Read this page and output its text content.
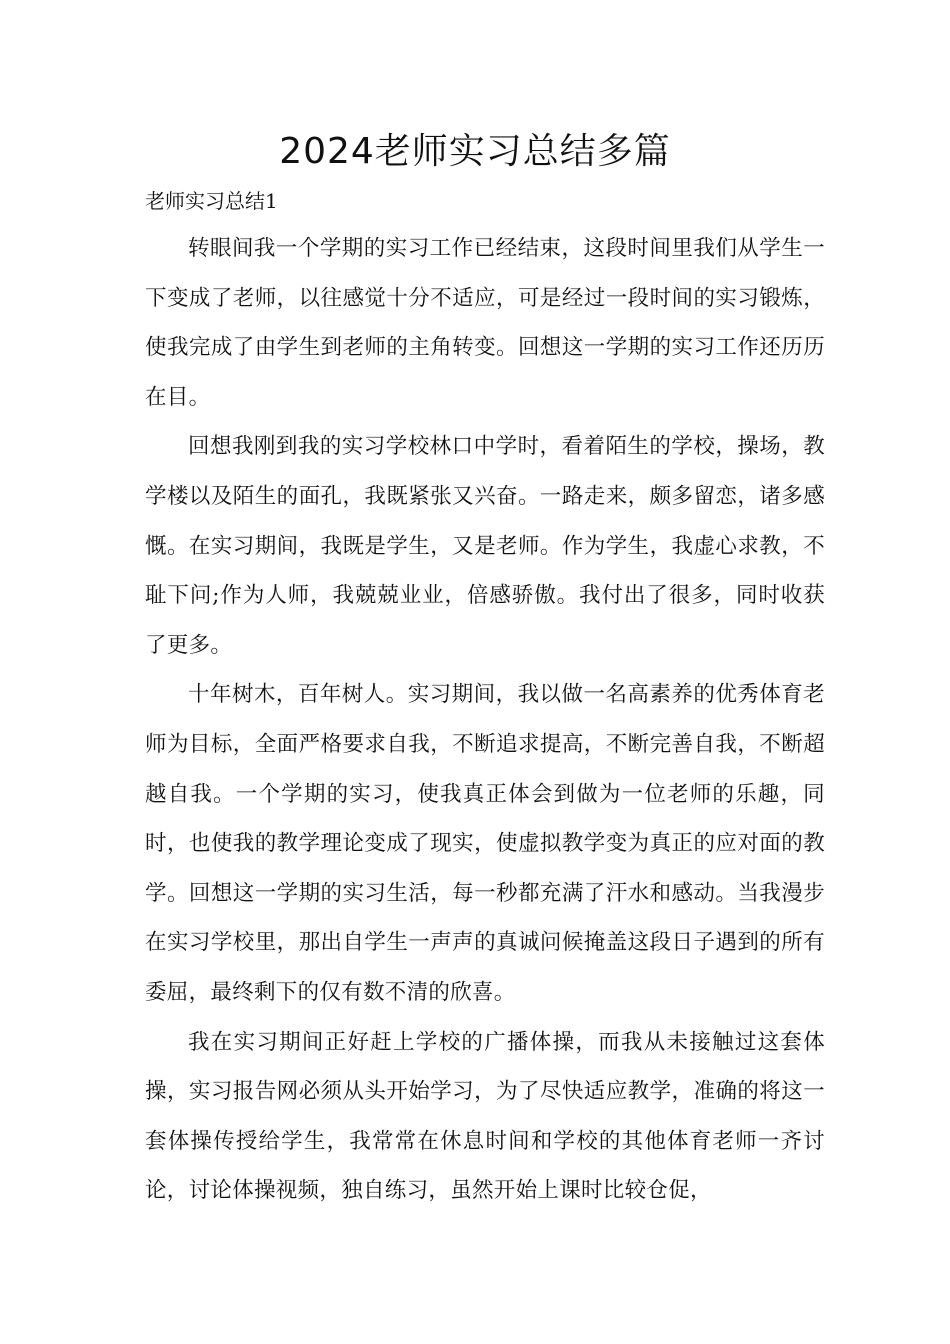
2024老师实习总结多篇
老师实习总结1

转眼间我一个学期的实习工作已经结束，这段时间里我们从学生一下变成了老师，以往感觉十分不适应，可是经过一段时间的实习锻炼，使我完成了由学生到老师的主角转变。回想这一学期的实习工作还历历在目。

回想我刚到我的实习学校林口中学时，看着陌生的学校，操场，教学楼以及陌生的面孔，我既紧张又兴奋。一路走来，颇多留恋，诸多感慨。在实习期间，我既是学生，又是老师。作为学生，我虚心求教，不耻下问;作为人师，我兢兢业业，倍感骄傲。我付出了很多，同时收获了更多。

十年树木，百年树人。实习期间，我以做一名高素养的优秀体育老师为目标，全面严格要求自我，不断追求提高，不断完善自我，不断超越自我。一个学期的实习，使我真正体会到做为一位老师的乐趣，同时，也使我的教学理论变成了现实，使虚拟教学变为真正的应对面的教学。回想这一学期的实习生活，每一秒都充满了汗水和感动。当我漫步在实习学校里，那出自学生一声声的真诚问候掩盖这段日子遇到的所有委屈，最终剩下的仅有数不清的欣喜。

我在实习期间正好赶上学校的广播体操，而我从未接触过这套体操，实习报告网必须从头开始学习，为了尽快适应教学，准确的将这一套体操传授给学生，我常常在休息时间和学校的其他体育老师一齐讨论，讨论体操视频，独自练习，虽然开始上课时比较仓促，
